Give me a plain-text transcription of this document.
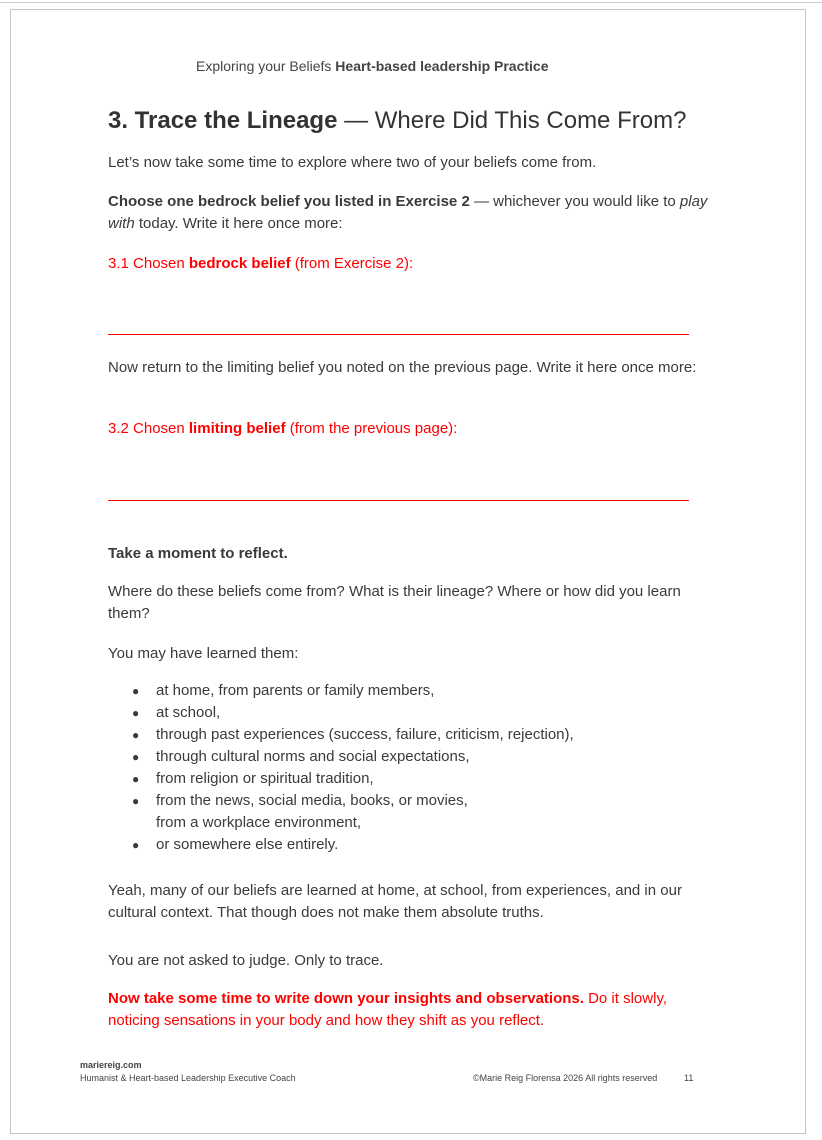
Exploring your Beliefs Heart-based leadership Practice
3. Trace the Lineage — Where Did This Come From?
Let’s now take some time to explore where two of your beliefs come from.
Choose one bedrock belief you listed in Exercise 2 — whichever you would like to play with today. Write it here once more:
3.1 Chosen bedrock belief (from Exercise 2):
Now return to the limiting belief you noted on the previous page. Write it here once more:
3.2 Chosen limiting belief (from the previous page):
Take a moment to reflect.
Where do these beliefs come from? What is their lineage? Where or how did you learn them?
You may have learned them:
● at home, from parents or family members,
● at school,
● through past experiences (success, failure, criticism, rejection),
● through cultural norms and social expectations,
● from religion or spiritual tradition,
● from the news, social media, books, or movies,
from a workplace environment,
● or somewhere else entirely.
Yeah, many of our beliefs are learned at home, at school, from experiences, and in our cultural context. That though does not make them absolute truths.
You are not asked to judge. Only to trace.
Now take some time to write down your insights and observations. Do it slowly, noticing sensations in your body and how they shift as you reflect.
mariereig.com
Humanist & Heart-based Leadership Executive Coach	©Marie Reig Florensa 2026 All rights reserved	11
